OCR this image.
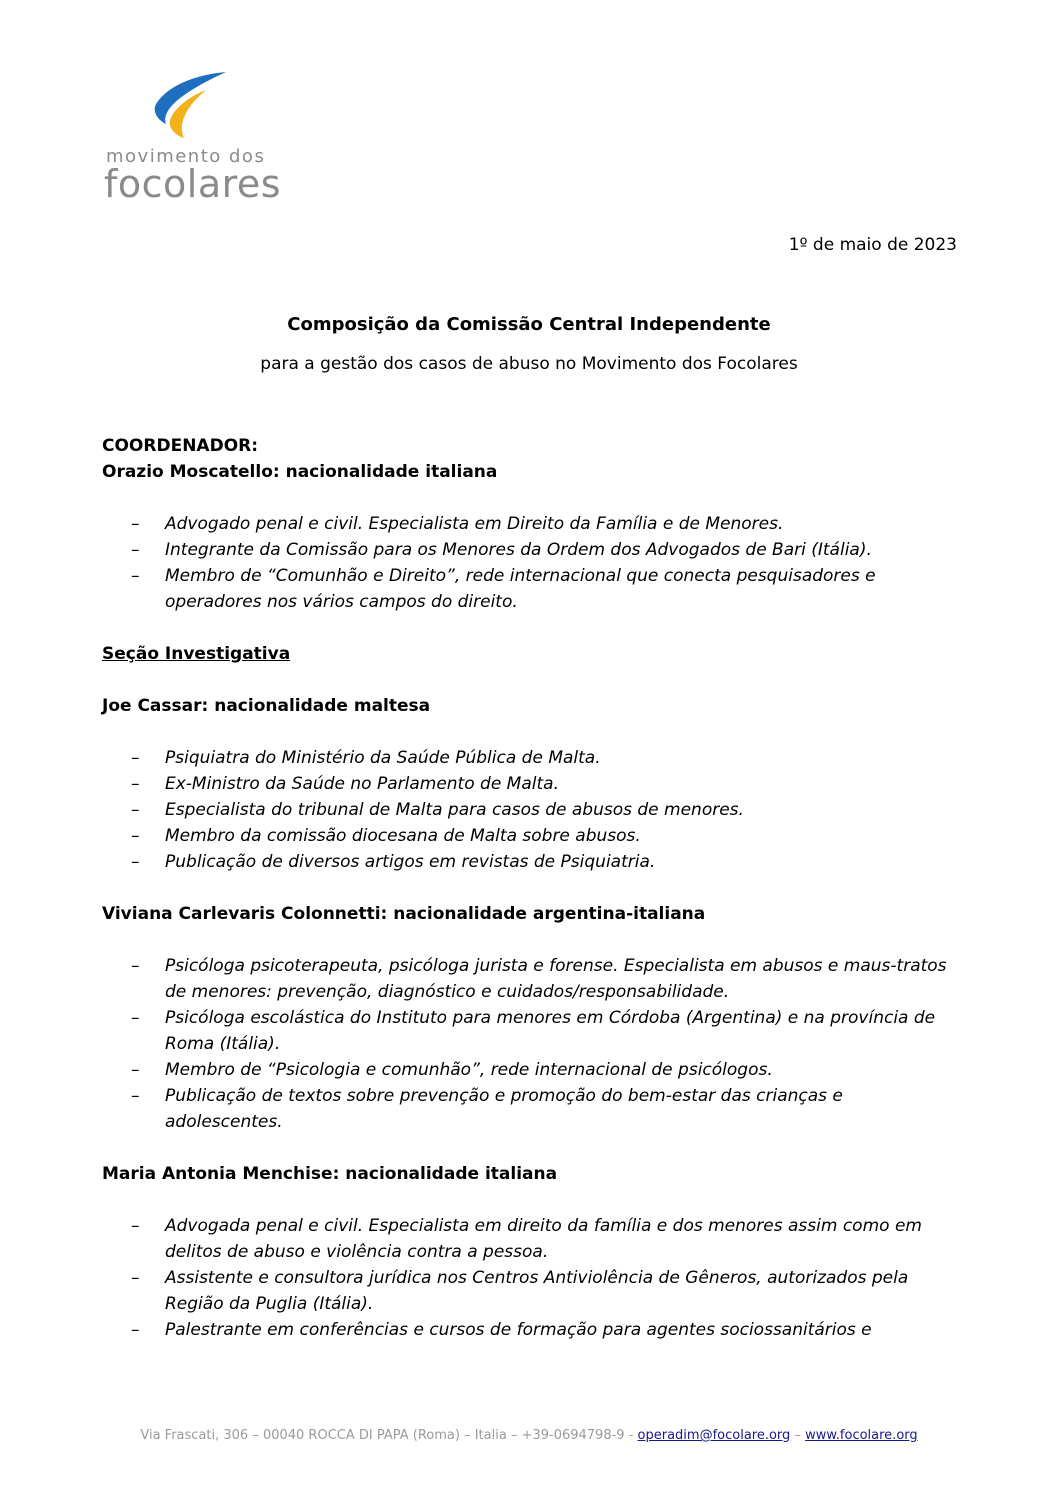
movimento dos
focolares
1º de maio de 2023
Composição da Comissão Central Independente
para a gestão dos casos de abuso no Movimento dos Focolares

COORDENADOR:

Orazio Moscatello: nacionalidade italiana

– Advogado penal e civil. Especialista em Direito da Família e de Menores.
– Integrante da Comissão para os Menores da Ordem dos Advogados de Bari (Itália).
– Membro de “Comunhão e Direito”, rede internacional que conecta pesquisadores e operadores nos vários campos do direito.

Seção Investigativa

Joe Cassar: nacionalidade maltesa

– Psiquiatra do Ministério da Saúde Pública de Malta.
– Ex-Ministro da Saúde no Parlamento de Malta.
– Especialista do tribunal de Malta para casos de abusos de menores.
– Membro da comissão diocesana de Malta sobre abusos.
– Publicação de diversos artigos em revistas de Psiquiatria.

Viviana Carlevaris Colonnetti: nacionalidade argentina-italiana

– Psicóloga psicoterapeuta, psicóloga jurista e forense. Especialista em abusos e maus-tratos de menores: prevenção, diagnóstico e cuidados/responsabilidade.
– Psicóloga escolástica do Instituto para menores em Córdoba (Argentina) e na província de Roma (Itália).
– Membro de “Psicologia e comunhão”, rede internacional de psicólogos.
– Publicação de textos sobre prevenção e promoção do bem-estar das crianças e adolescentes.

Maria Antonia Menchise: nacionalidade italiana

– Advogada penal e civil. Especialista em direito da família e dos menores assim como em delitos de abuso e violência contra a pessoa.
– Assistente e consultora jurídica nos Centros Antiviolência de Gêneros, autorizados pela Região da Puglia (Itália).
– Palestrante em conferências e cursos de formação para agentes sociossanitários e
Via Frascati, 306 – 00040 ROCCA DI PAPA (Roma) – Italia – +39-0694798-9 - operadim@focolare.org – www.focolare.org
